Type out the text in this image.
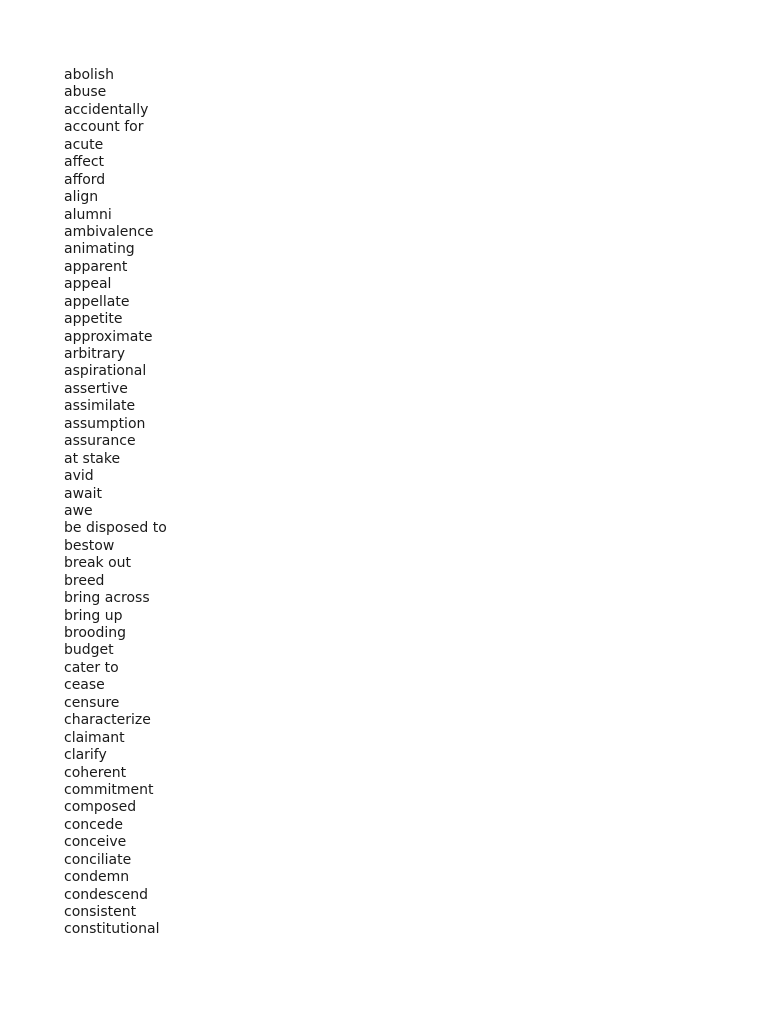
abolish
abuse
accidentally
account for
acute
affect
afford
align
alumni
ambivalence
animating
apparent
appeal
appellate
appetite
approximate
arbitrary
aspirational
assertive
assimilate
assumption
assurance
at stake
avid
await
awe
be disposed to
bestow
break out
breed
bring across
bring up
brooding
budget
cater to
cease
censure
characterize
claimant
clarify
coherent
commitment
composed
concede
conceive
conciliate
condemn
condescend
consistent
constitutional
